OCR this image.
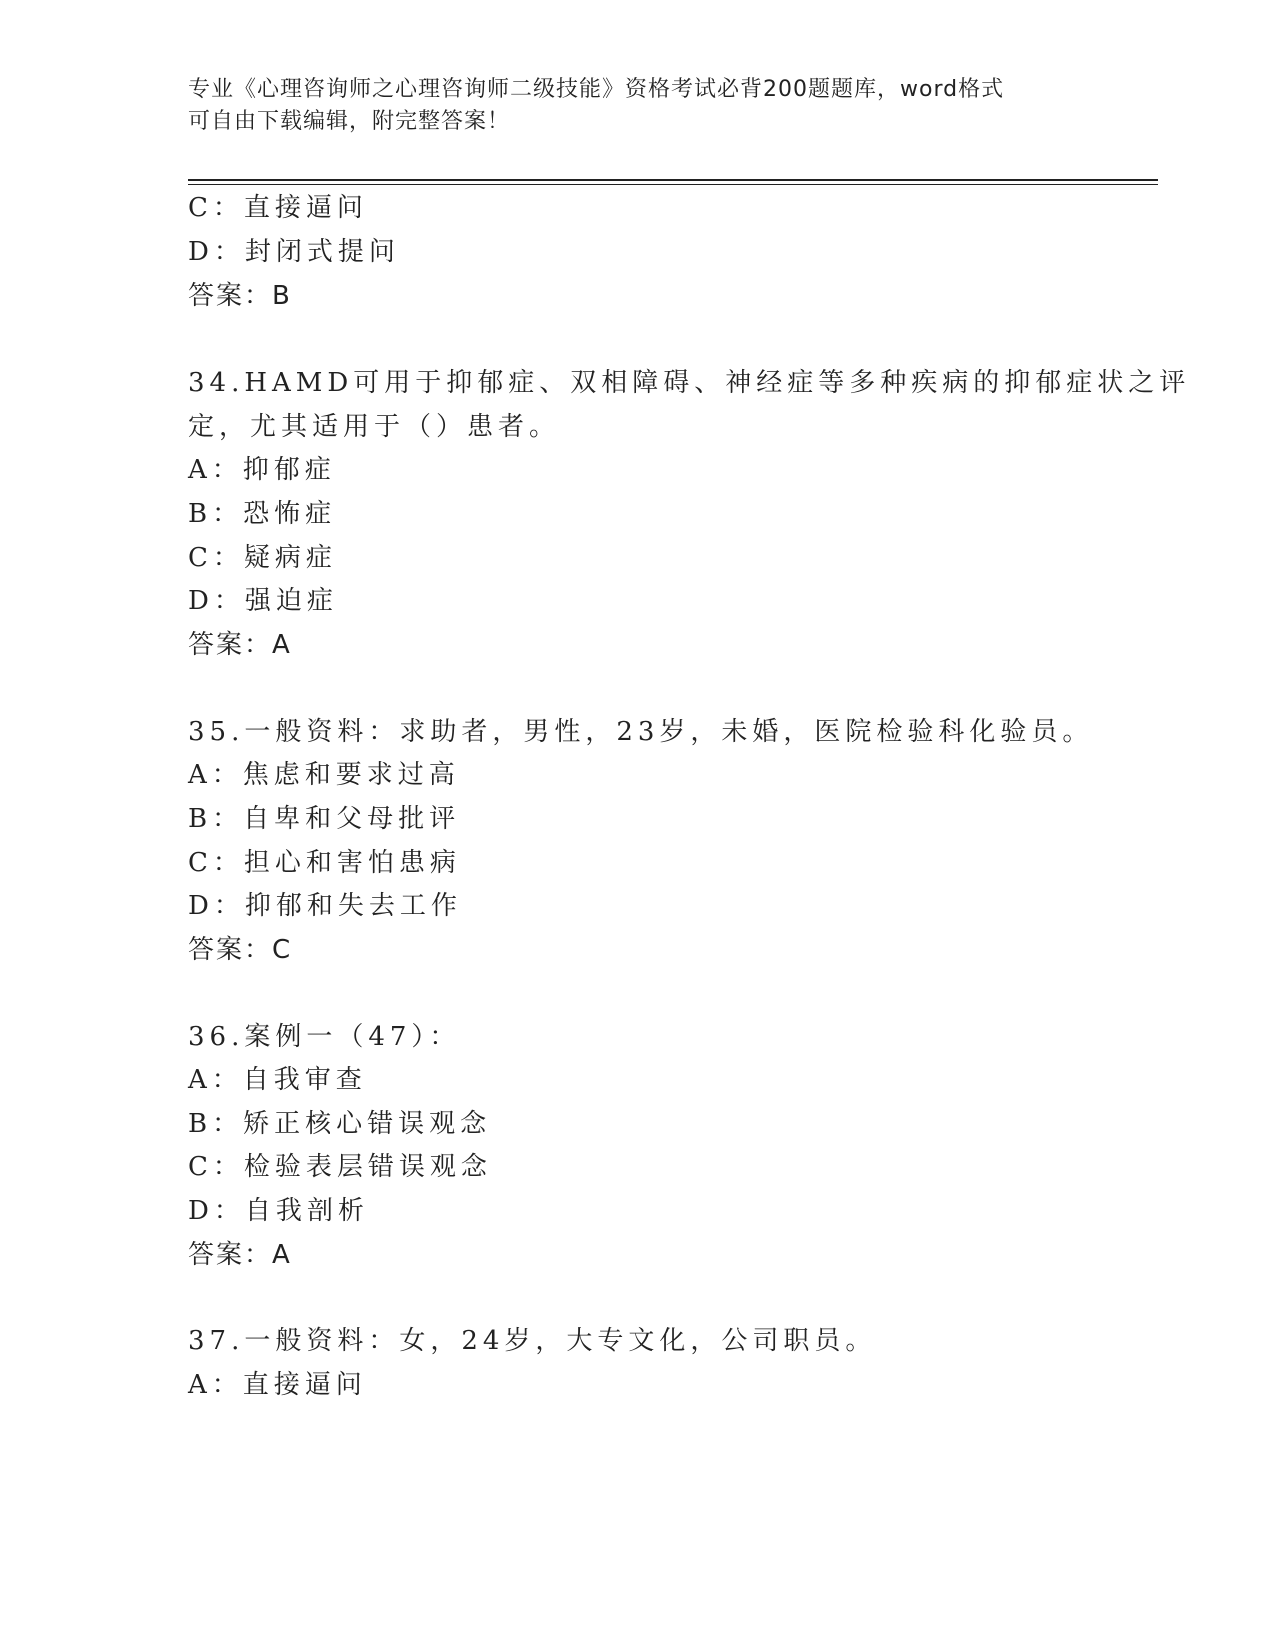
专业《心理咨询师之心理咨询师二级技能》资格考试必背200题题库，word格式
可自由下载编辑，附完整答案！
C：直接逼问
D：封闭式提问
答案：B
34.HAMD可用于抑郁症、双相障碍、神经症等多种疾病的抑郁症状之评
定，尤其适用于（）患者。
A：抑郁症
B：恐怖症
C：疑病症
D：强迫症
答案：A
35.一般资料：求助者，男性，23岁，未婚，医院检验科化验员。
A：焦虑和要求过高
B：自卑和父母批评
C：担心和害怕患病
D：抑郁和失去工作
答案：C
36.案例一（47）：
A：自我审查
B：矫正核心错误观念
C：检验表层错误观念
D：自我剖析
答案：A
37.一般资料：女，24岁，大专文化，公司职员。
A：直接逼问
